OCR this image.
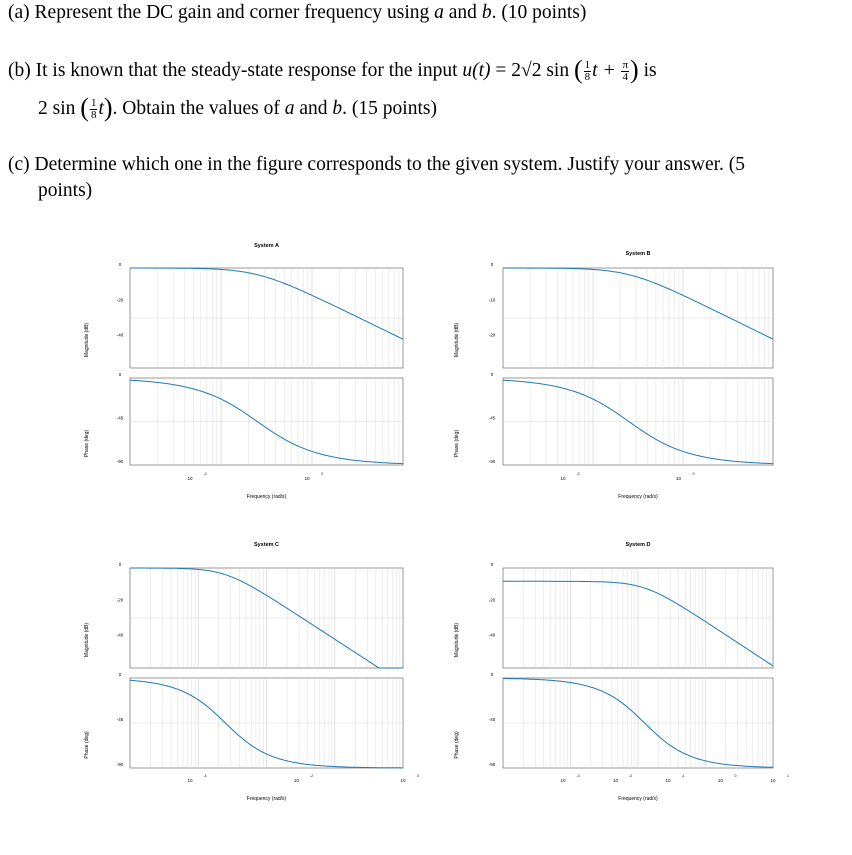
(a) Represent the DC gain and corner frequency using a and b. (10 points)
(b) It is known that the steady-state response for the input u(t) = 2√2 sin ( $\frac{1}{8}$ $t + \frac{\pi}{4}$ ) is
2 sin ( $\frac{1}{8} t$). Obtain the values of a and b. (15 points)
(c) Determine which one in the figure corresponds to the given system. Justify your answer. (5
points)
System A
Magnitude (dB)
Phase (deg)
0
-20
-40
0
-45
-90
10
-2
10
0
Frequency (rad/s)
System B
Magnitude (dB)
Phase (deg)
0
-10
-20
0
-45
-90
10
-2
10
0
Frequency (rad/s)
System C
Magnitude (dB)
Phase (deg)
0
-20
-40
0
-45
-90
10
-4
10
-2
10
0
Frequency (rad/s)
System D
Magnitude (dB)
Phase (deg)
0
-20
-40
0
-45
-90
10
-3
10
-2
10
-1
10
0
10
1
Frequency (rad/s)
